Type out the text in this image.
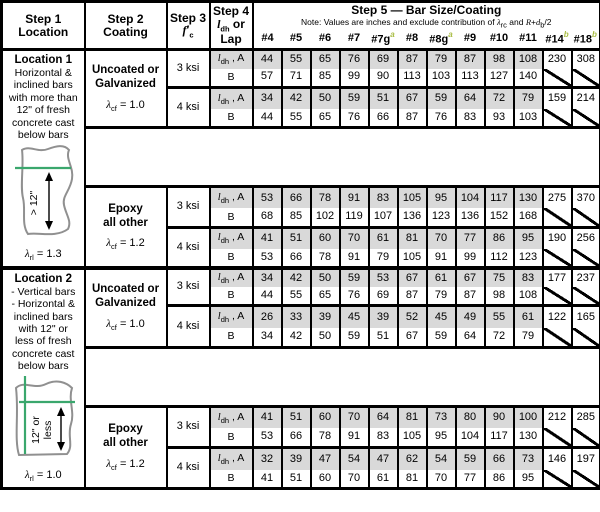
Step 1
Location

Step 2
Coating

Step 3
$f'_c$

Step 4
$l_{dh}$ or
Lap

Step 5 — Bar Size/Coating
Note: Values are inches and exclude contribution of $\lambda_{rc}$ and $R+d_b/2$

				#4	#5	#6	#7	$\#7g^a$	#8	$\#8g^a$	#9	#10	#11	#14$^b$	#18$^b$

Location 1
Horizontal &
inclined bars
with more than
12" of fresh
concrete cast
below bars
> 12"
$\lambda_{rl} = 1.3$

Uncoated or
Galvanized
$\lambda_{cf} = 1.0$
	3 ksi	$l_{dh}$ , A	44	55	65	76	69	87	79	87	98	108	230	308
			B	57	71	85	99	90	113	103	113	127	140		
		4 ksi	$l_{dh}$ , A	34	42	50	59	51	67	59	64	72	79	159	214
			B	44	55	65	76	66	87	76	83	93	103		

	Epoxy
all other
$\lambda_{cf} = 1.2$	3 ksi	$l_{dh}$ , A	53	66	78	91	83	105	95	104	117	130	275	370
			B	68	85	102	119	107	136	123	136	152	168		
		4 ksi	$l_{dh}$ , A	41	51	60	70	61	81	70	77	86	95	190	256
			B	53	66	78	91	79	105	91	99	112	123		

Location 2
- Vertical bars
- Horizontal &
inclined bars
with 12" or
less of fresh
concrete cast
below bars
12" or less
$\lambda_{rl} = 1.0$

Uncoated or
Galvanized
$\lambda_{cf} = 1.0$
	3 ksi	$l_{dh}$ , A	34	42	50	59	53	67	61	67	75	83	177	237
			B	44	55	65	76	69	87	79	87	98	108		
		4 ksi	$l_{dh}$ , A	26	33	39	45	39	52	45	49	55	61	122	165
			B	34	42	50	59	51	67	59	64	72	79		

	Epoxy
all other
$\lambda_{cf} = 1.2$	3 ksi	$l_{dh}$ , A	41	51	60	70	64	81	73	80	90	100	212	285
			B	53	66	78	91	83	105	95	104	117	130		
		4 ksi	$l_{dh}$ , A	32	39	47	54	47	62	54	59	66	73	146	197
			B	41	51	60	70	61	81	70	77	86	95		
